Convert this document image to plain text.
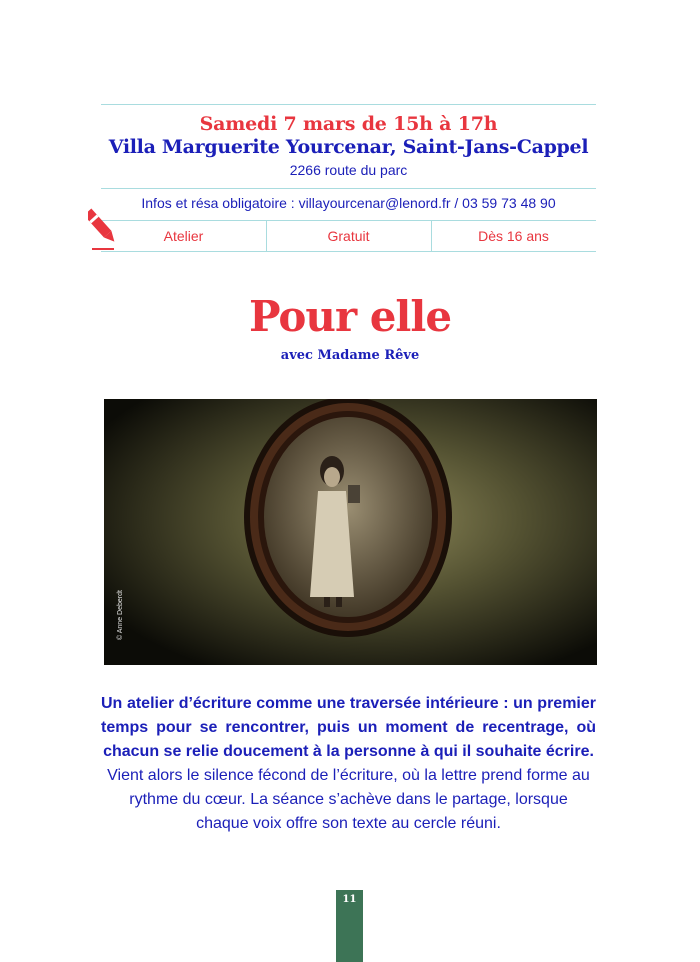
Samedi 7 mars de 15h à 17h
Villa Marguerite Yourcenar, Saint-Jans-Cappel
2266 route du parc
Infos et résa obligatoire : villayourcenar@lenord.fr / 03 59 73 48 90
Atelier	Gratuit	Dès 16 ans
Pour elle
avec Madame Rêve
© Anne Deberdt
Un atelier d’écriture comme une traversée intérieure : un premier temps pour se rencontrer, puis un moment de recentrage, où chacun se relie doucement à la personne à qui il souhaite écrire.
Vient alors le silence fécond de l’écriture, où la lettre prend forme au rythme du cœur. La séance s’achève dans le partage, lorsque chaque voix offre son texte au cercle réuni.
11
